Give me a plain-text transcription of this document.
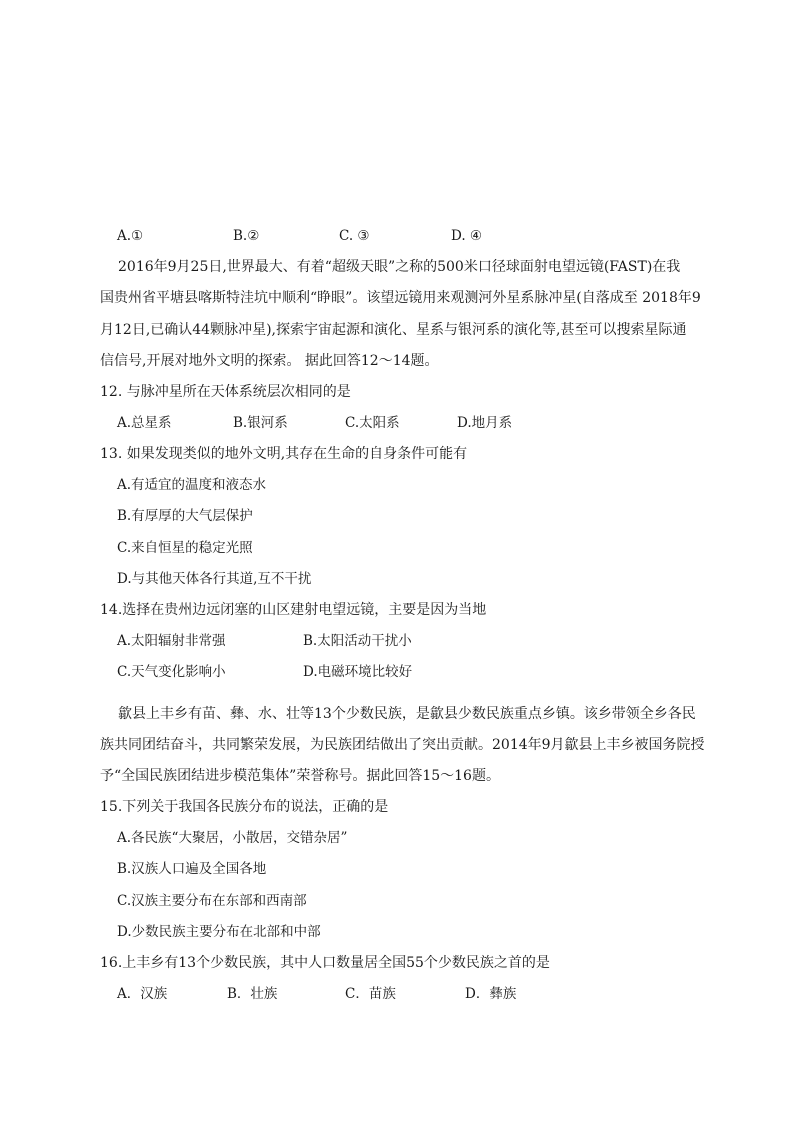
A.①	B.②	C. ③	D. ④
2016年9月25日,世界最大、有着“超级天眼”之称的500米口径球面射电望远镜(FAST)在我
国贵州省平塘县喀斯特洼坑中顺利“睁眼”。该望远镜用来观测河外星系脉冲星(自落成至 2018年9
月12日,已确认44颗脉冲星),探索宇宙起源和演化、星系与银河系的演化等,甚至可以搜索星际通
信信号,开展对地外文明的探索。 据此回答12～14题。
12. 与脉冲星所在天体系统层次相同的是
A.总星系	B.银河系	C.太阳系	D.地月系
13. 如果发现类似的地外文明,其存在生命的自身条件可能有
A.有适宜的温度和液态水
B.有厚厚的大气层保护
C.来自恒星的稳定光照
D.与其他天体各行其道,互不干扰
14.选择在贵州边远闭塞的山区建射电望远镜，主要是因为当地
A.太阳辐射非常强	B.太阳活动干扰小
C.天气变化影响小	D.电磁环境比较好
歙县上丰乡有苗、彝、水、壮等13个少数民族，是歙县少数民族重点乡镇。该乡带领全乡各民
族共同团结奋斗，共同繁荣发展，为民族团结做出了突出贡献。2014年9月歙县上丰乡被国务院授
予“全国民族团结进步模范集体”荣誉称号。据此回答15～16题。
15.下列关于我国各民族分布的说法，正确的是
A.各民族“大聚居，小散居，交错杂居”
B.汉族人口遍及全国各地
C.汉族主要分布在东部和西南部
D.少数民族主要分布在北部和中部
16.上丰乡有13个少数民族，其中人口数量居全国55个少数民族之首的是
A．汉族	B．壮族	C．苗族	D．彝族
